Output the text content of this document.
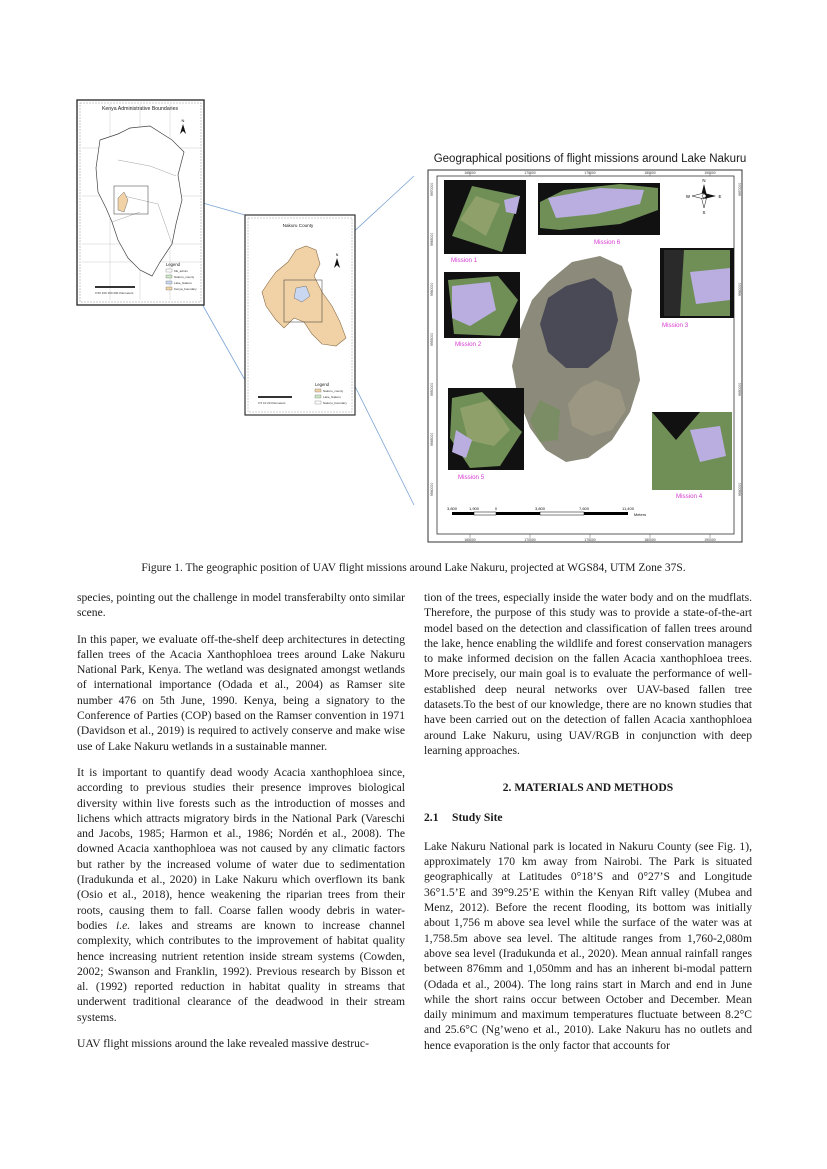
Kenya Administrative Boundaries
N
Legend
KE_admin
Nakuru_county
Lake_Nakuru
Kenya_boundary
0 50 100 150 200 Kilometers
Nakuru County
N
Legend
Nakuru_county
Lake_Nakuru
Nakuru_boundary
0 5 10 20 Kilometers
Geographical positions of flight missions around Lake Nakuru
165000	170000	175000	180000	190000
165000	170000	175000	180000	190000
9970000
9965000
9960000
9955000
9950000
9945000
9940000
9970000
9960000
9950000
9940000
Mission 1
Mission 6
Mission 3
Mission 2
Mission 5
Mission 4
N
S
W	E
3,800	1,900	0	3,800	7,600	11,400
Meters
Figure 1. The geographic position of UAV flight missions around Lake Nakuru, projected at WGS84, UTM Zone 37S.

species, pointing out the challenge in model transferabilty onto similar scene.

In this paper, we evaluate off-the-shelf deep architectures in detecting fallen trees of the Acacia Xanthophloea trees around Lake Nakuru National Park, Kenya. The wetland was designated amongst wetlands of international importance (Odada et al., 2004) as Ramser site number 476 on 5th June, 1990. Kenya, being a signatory to the Conference of Parties (COP) based on the Ramser convention in 1971 (Davidson et al., 2019) is required to actively conserve and make wise use of Lake Nakuru wetlands in a sustainable manner.

It is important to quantify dead woody Acacia xanthophloea since, according to previous studies their presence improves biological diversity within live forests such as the introduction of mosses and lichens which attracts migratory birds in the National Park (Vareschi and Jacobs, 1985; Harmon et al., 1986; Nordén et al., 2008). The downed Acacia xanthophloea was not caused by any climatic factors but rather by the increased volume of water due to sedimentation (Iradukunda et al., 2020) in Lake Nakuru which overflown its bank (Osio et al., 2018), hence weakening the riparian trees from their roots, causing them to fall. Coarse fallen woody debris in water-bodies i.e. lakes and streams are known to increase channel complexity, which contributes to the improvement of habitat quality hence increasing nutrient retention inside stream systems (Cowden, 2002; Swanson and Franklin, 1992). Previous research by Bisson et al. (1992) reported reduction in habitat quality in streams that underwent traditional clearance of the deadwood in their stream systems.

UAV flight missions around the lake revealed massive destruc-

tion of the trees, especially inside the water body and on the mudflats. Therefore, the purpose of this study was to provide a state-of-the-art model based on the detection and classification of fallen trees around the lake, hence enabling the wildlife and forest conservation managers to make informed decision on the fallen Acacia xanthophloea trees. More precisely, our main goal is to evaluate the performance of well-established deep neural networks over UAV-based fallen tree datasets.To the best of our knowledge, there are no known studies that have been carried out on the detection of fallen Acacia xanthophloea around Lake Nakuru, using UAV/RGB in conjunction with deep learning approaches.

2. MATERIALS AND METHODS
2.1 Study Site

Lake Nakuru National park is located in Nakuru County (see Fig. 1), approximately 170 km away from Nairobi. The Park is situated geographically at Latitudes 0°18’S and 0°27’S and Longitude 36°1.5’E and 39°9.25’E within the Kenyan Rift valley (Mubea and Menz, 2012). Before the recent flooding, its bottom was initially about 1,756 m above sea level while the surface of the water was at 1,758.5m above sea level. The altitude ranges from 1,760-2,080m above sea level (Iradukunda et al., 2020). Mean annual rainfall ranges between 876mm and 1,050mm and has an inherent bi-modal pattern (Odada et al., 2004). The long rains start in March and end in June while the short rains occur between October and December. Mean daily minimum and maximum temperatures fluctuate between 8.2°C and 25.6°C (Ng’weno et al., 2010). Lake Nakuru has no outlets and hence evaporation is the only factor that accounts for
